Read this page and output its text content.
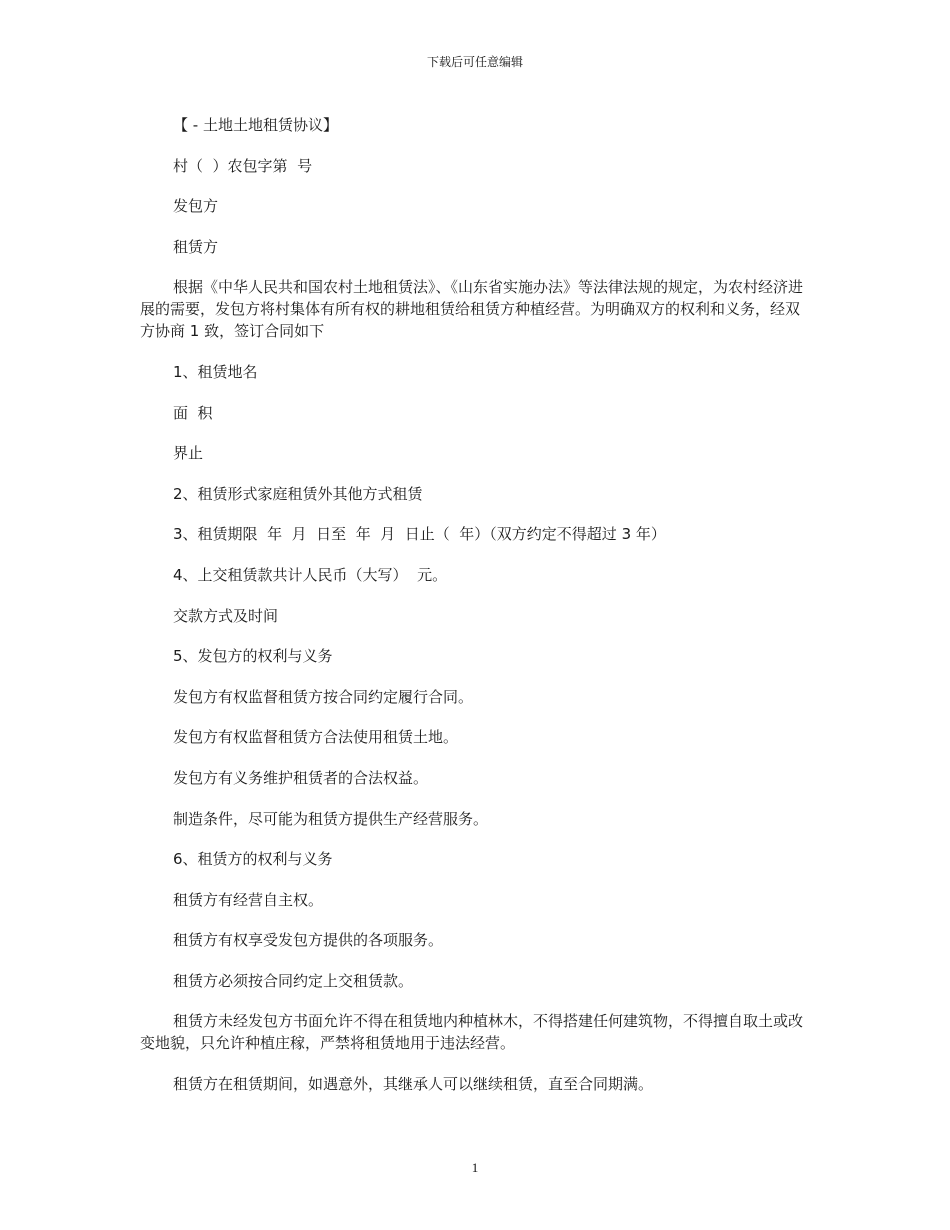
下载后可任意编辑

【 - 土地土地租赁协议】

村（  ）农包字第  号

发包方

租赁方

根据《中华人民共和国农村土地租赁法》、《山东省实施办法》等法律法规的规定，为农村经济进展的需要，发包方将村集体有所有权的耕地租赁给租赁方种植经营。为明确双方的权利和义务，经双方协商 1 致，签订合同如下

1、租赁地名

面  积

界止

2、租赁形式家庭租赁外其他方式租赁

3、租赁期限  年  月  日至  年  月  日止（  年）（双方约定不得超过 3 年）

4、上交租赁款共计人民币（大写）  元。

交款方式及时间

5、发包方的权利与义务

发包方有权监督租赁方按合同约定履行合同。

发包方有权监督租赁方合法使用租赁土地。

发包方有义务维护租赁者的合法权益。

制造条件，尽可能为租赁方提供生产经营服务。

6、租赁方的权利与义务

租赁方有经营自主权。

租赁方有权享受发包方提供的各项服务。

租赁方必须按合同约定上交租赁款。

租赁方未经发包方书面允许不得在租赁地内种植林木，不得搭建任何建筑物，不得擅自取土或改变地貌，只允许种植庄稼，严禁将租赁地用于违法经营。

租赁方在租赁期间，如遇意外，其继承人可以继续租赁，直至合同期满。

1
